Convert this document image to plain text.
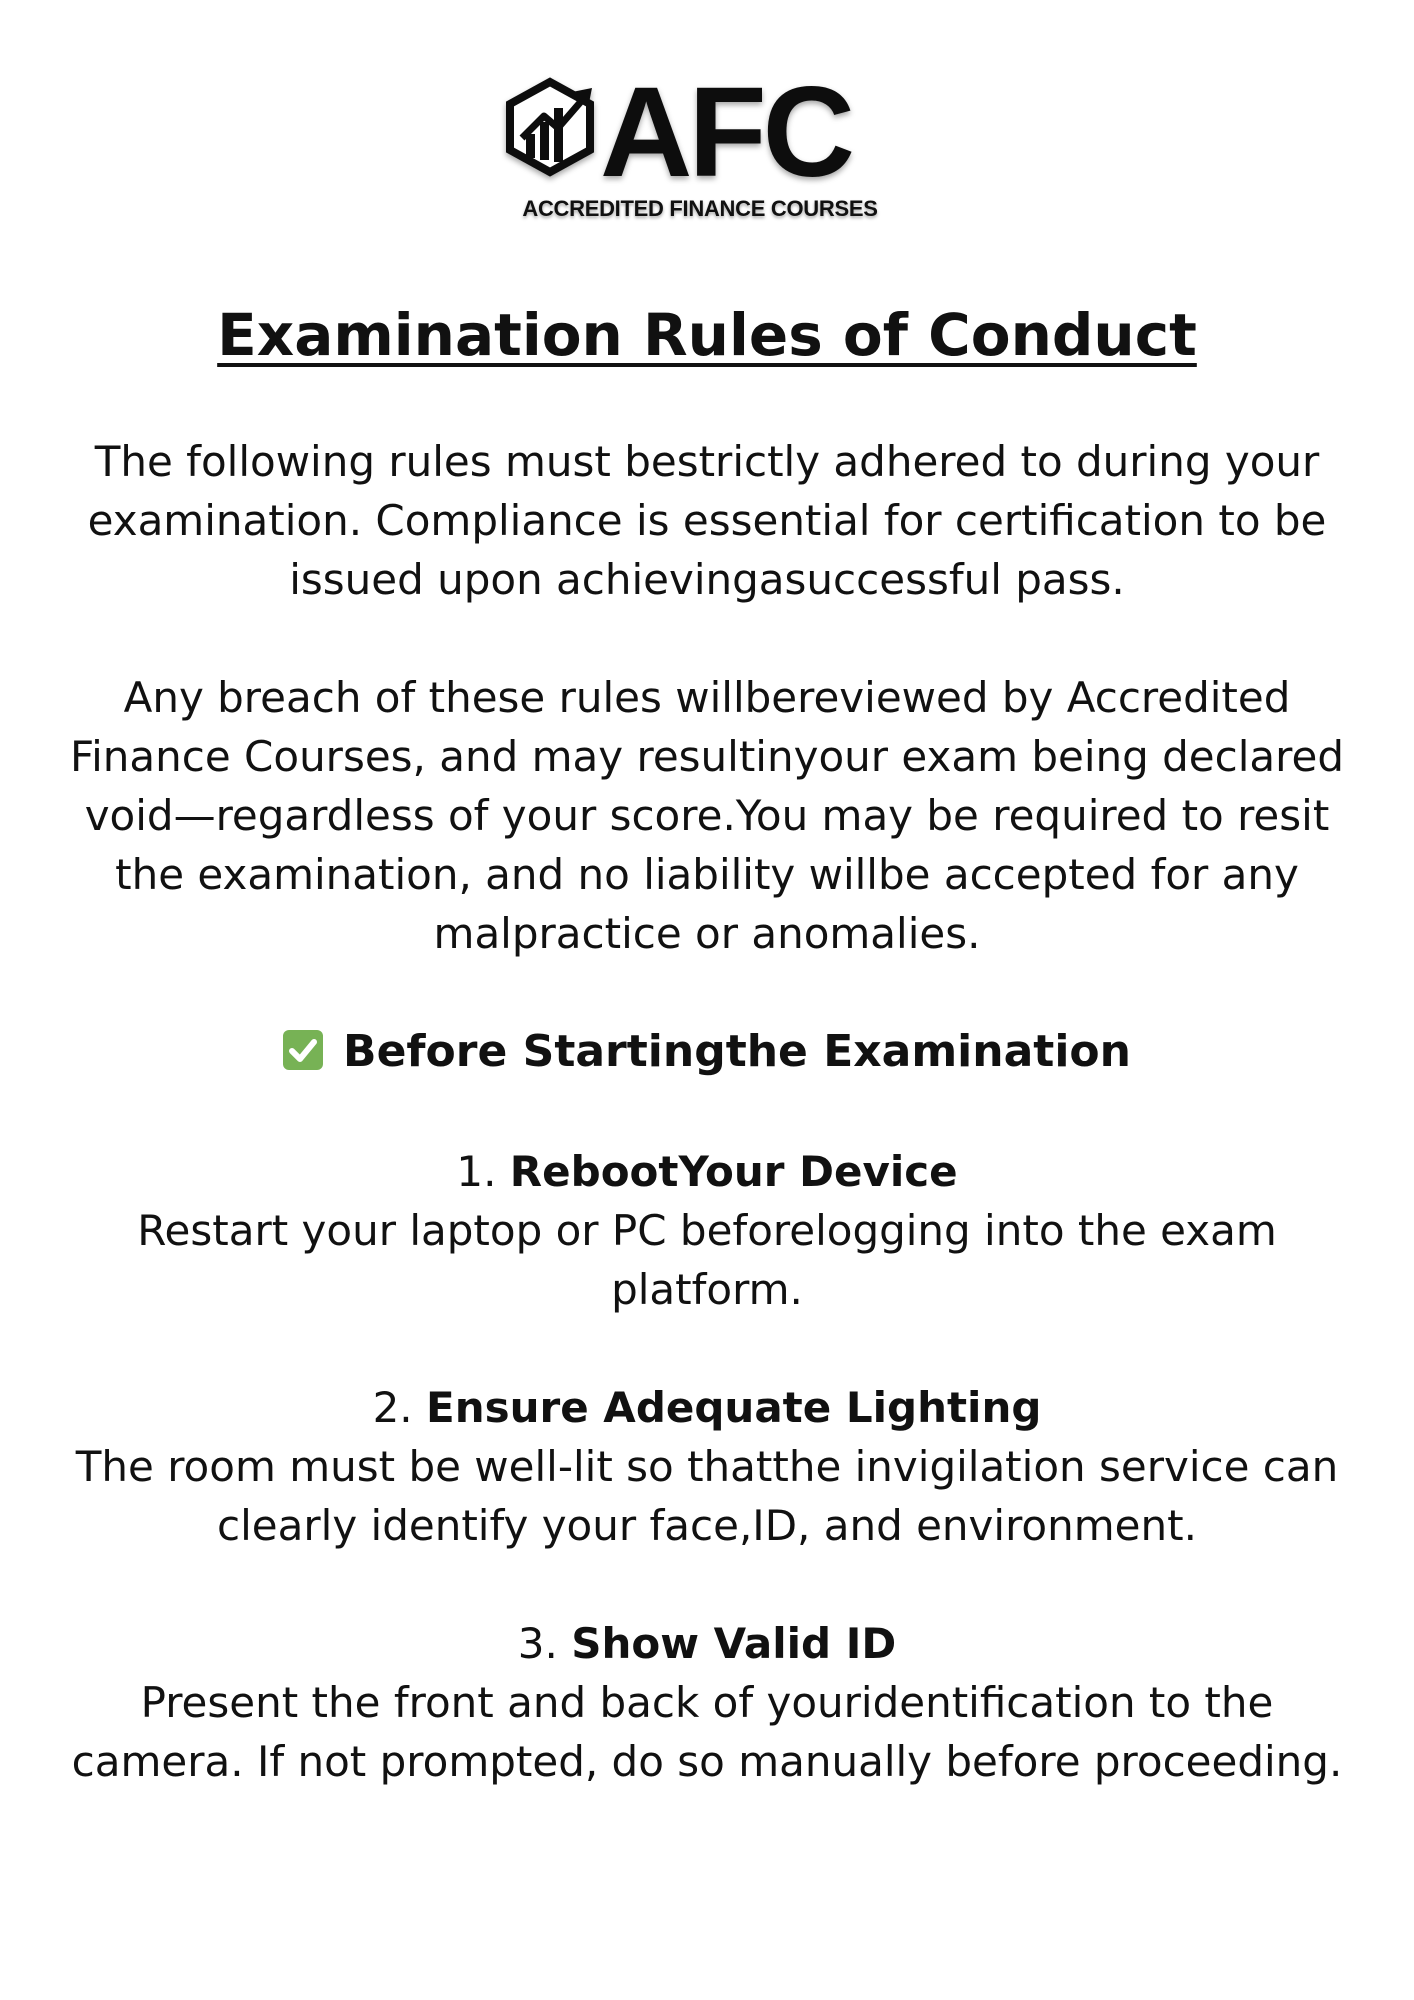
AFC
ACCREDITED FINANCE COURSES
Examination Rules of Conduct
The following rules must bestrictly adhered to during your examination. Compliance is essential for certification to be issued upon achievingasuccessful pass.
Any breach of these rules willbereviewed by Accredited Finance Courses, and may resultinyour exam being declared void—regardless of your score.You may be required to resit the examination, and no liability willbe accepted for any malpractice or anomalies.
Before Startingthe Examination
1. RebootYour Device
Restart your laptop or PC beforelogging into the exam platform.
2. Ensure Adequate Lighting
The room must be well-lit so thatthe invigilation service can clearly identify your face,ID, and environment.
3. Show Valid ID
Present the front and back of youridentification to the camera. If not prompted, do so manually before proceeding.
